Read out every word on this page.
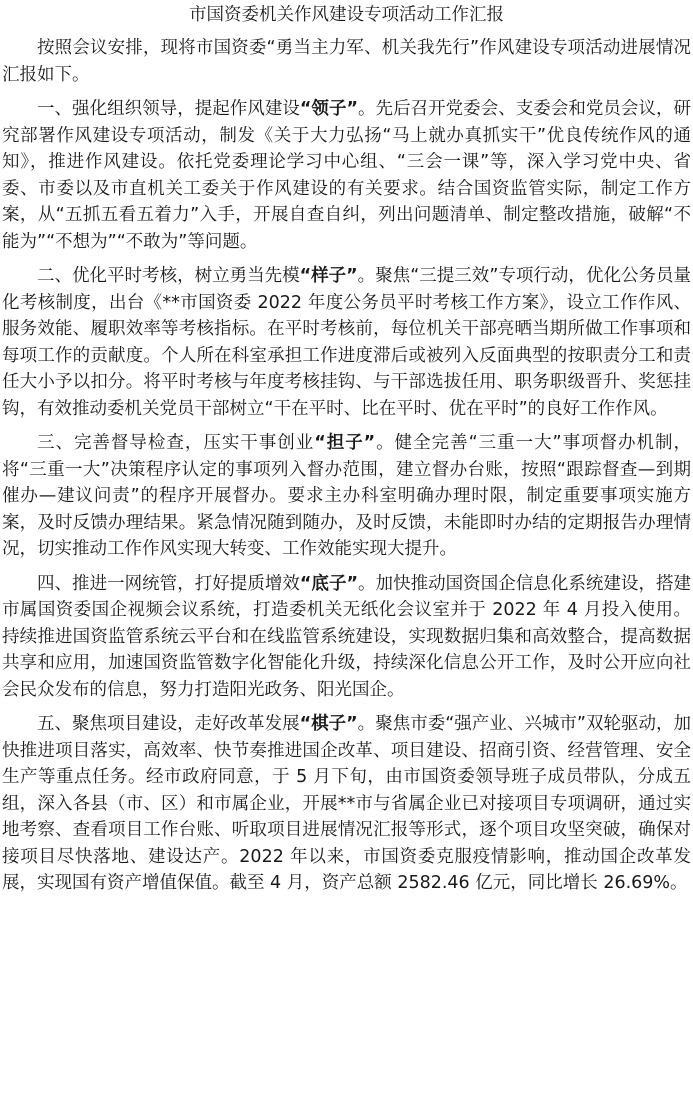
市国资委机关作风建设专项活动工作汇报

按照会议安排，现将市国资委“勇当主力军、机关我先行”作风建设专项活动进展情况汇报如下。

一、强化组织领导，提起作风建设“领子”。先后召开党委会、支委会和党员会议，研究部署作风建设专项活动，制发《关于大力弘扬“马上就办真抓实干”优良传统作风的通知》，推进作风建设。依托党委理论学习中心组、“三会一课”等，深入学习党中央、省委、市委以及市直机关工委关于作风建设的有关要求。结合国资监管实际，制定工作方案，从“五抓五看五着力”入手，开展自查自纠，列出问题清单、制定整改措施，破解“不能为”“不想为”“不敢为”等问题。

二、优化平时考核，树立勇当先模“样子”。聚焦“三提三效”专项行动，优化公务员量化考核制度，出台《**市国资委 2022 年度公务员平时考核工作方案》，设立工作作风、服务效能、履职效率等考核指标。在平时考核前，每位机关干部亮晒当期所做工作事项和每项工作的贡献度。个人所在科室承担工作进度滞后或被列入反面典型的按职责分工和责任大小予以扣分。将平时考核与年度考核挂钩、与干部选拔任用、职务职级晋升、奖惩挂钩，有效推动委机关党员干部树立“干在平时、比在平时、优在平时”的良好工作作风。

三、完善督导检查，压实干事创业“担子”。健全完善“三重一大”事项督办机制，将“三重一大”决策程序认定的事项列入督办范围，建立督办台账，按照“跟踪督查—到期催办—建议问责”的程序开展督办。要求主办科室明确办理时限，制定重要事项实施方案，及时反馈办理结果。紧急情况随到随办，及时反馈，未能即时办结的定期报告办理情况，切实推动工作作风实现大转变、工作效能实现大提升。

四、推进一网统管，打好提质增效“底子”。加快推动国资国企信息化系统建设，搭建市属国资委国企视频会议系统，打造委机关无纸化会议室并于 2022 年 4 月投入使用。持续推进国资监管系统云平台和在线监管系统建设，实现数据归集和高效整合，提高数据共享和应用，加速国资监管数字化智能化升级，持续深化信息公开工作，及时公开应向社会民众发布的信息，努力打造阳光政务、阳光国企。

五、聚焦项目建设，走好改革发展“棋子”。聚焦市委“强产业、兴城市”双轮驱动，加快推进项目落实，高效率、快节奏推进国企改革、项目建设、招商引资、经营管理、安全生产等重点任务。经市政府同意，于 5 月下旬，由市国资委领导班子成员带队，分成五组，深入各县（市、区）和市属企业，开展**市与省属企业已对接项目专项调研，通过实地考察、查看项目工作台账、听取项目进展情况汇报等形式，逐个项目攻坚突破，确保对接项目尽快落地、建设达产。2022 年以来，市国资委克服疫情影响，推动国企改革发展，实现国有资产增值保值。截至 4 月，资产总额 2582.46 亿元，同比增长 26.69%。
